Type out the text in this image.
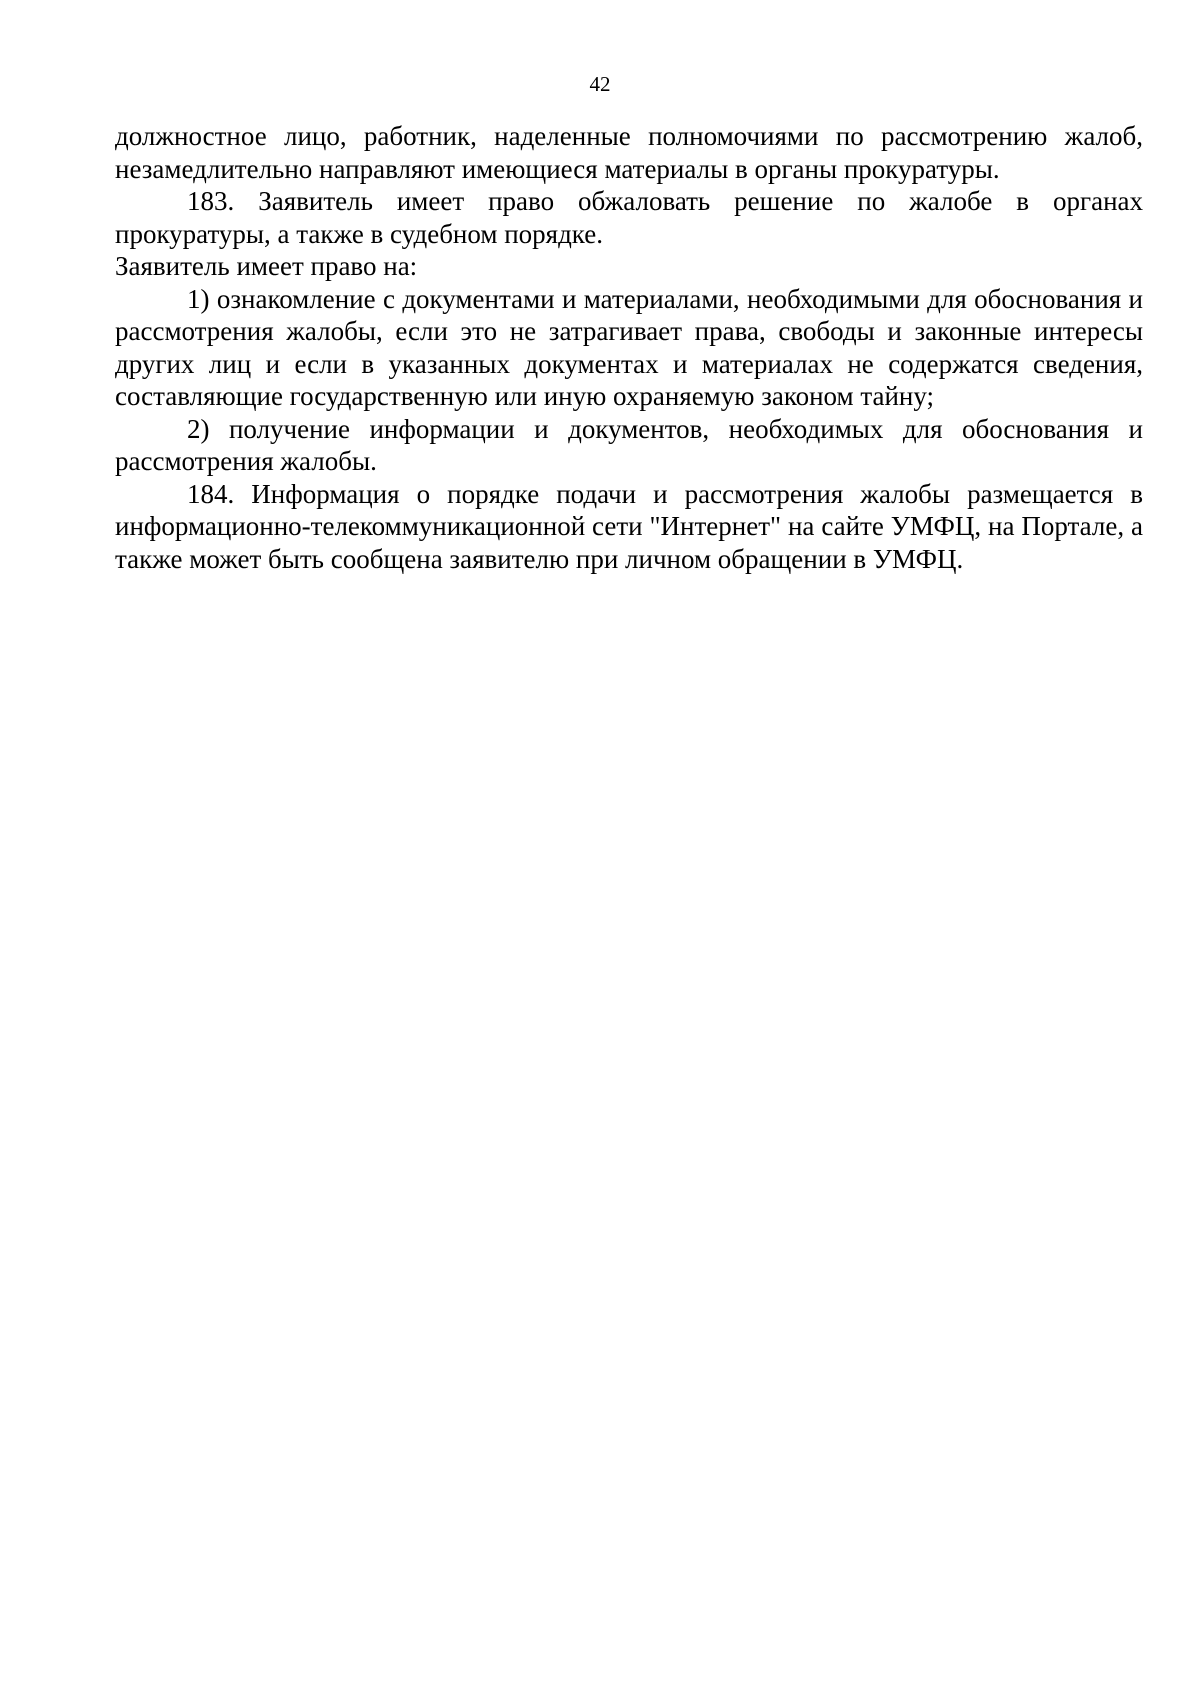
42

должностное лицо, работник, наделенные полномочиями по рассмотрению жалоб, незамедлительно направляют имеющиеся материалы в органы прокуратуры.

183. Заявитель имеет право обжаловать решение по жалобе в органах прокуратуры, а также в судебном порядке.

Заявитель имеет право на:

1) ознакомление с документами и материалами, необходимыми для обоснования и рассмотрения жалобы, если это не затрагивает права, свободы и законные интересы других лиц и если в указанных документах и материалах не содержатся сведения, составляющие государственную или иную охраняемую законом тайну;

2) получение информации и документов, необходимых для обоснования и рассмотрения жалобы.

184. Информация о порядке подачи и рассмотрения жалобы размещается в информационно-телекоммуникационной сети "Интернет" на сайте УМФЦ, на Портале, а также может быть сообщена заявителю при личном обращении в УМФЦ.
